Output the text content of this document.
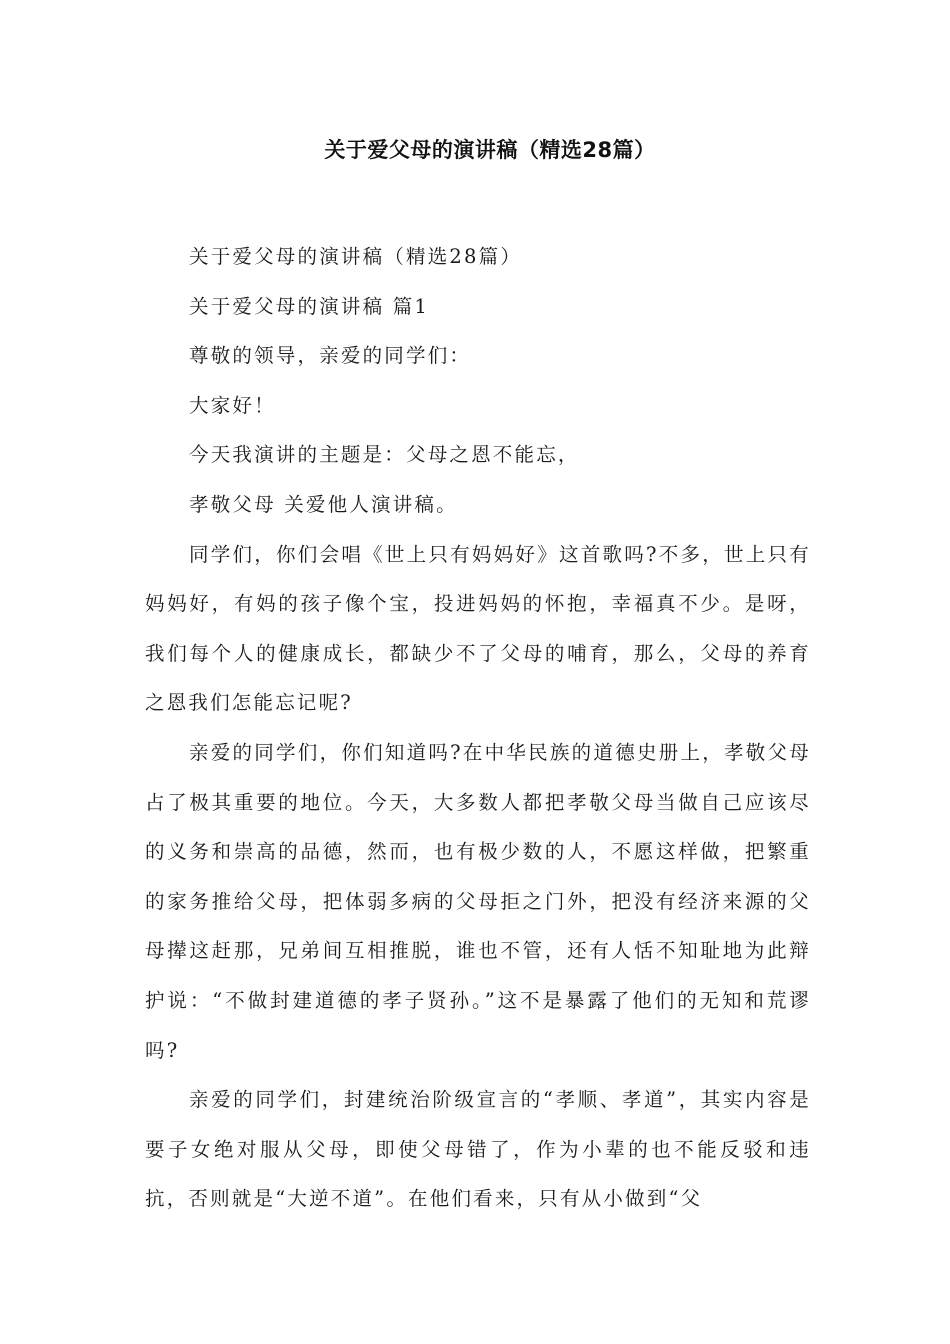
关于爱父母的演讲稿（精选28篇）

关于爱父母的演讲稿（精选28篇）

关于爱父母的演讲稿 篇1

尊敬的领导，亲爱的同学们：

大家好！

今天我演讲的主题是：父母之恩不能忘，

孝敬父母 关爱他人演讲稿。

同学们，你们会唱《世上只有妈妈好》这首歌吗?不多，世上只有妈妈好，有妈的孩子像个宝，投进妈妈的怀抱，幸福真不少。是呀，我们每个人的健康成长，都缺少不了父母的哺育，那么，父母的养育之恩我们怎能忘记呢?

亲爱的同学们，你们知道吗?在中华民族的道德史册上，孝敬父母占了极其重要的地位。今天，大多数人都把孝敬父母当做自己应该尽的义务和崇高的品德，然而，也有极少数的人，不愿这样做，把繁重的家务推给父母，把体弱多病的父母拒之门外，把没有经济来源的父母撵这赶那，兄弟间互相推脱，谁也不管，还有人恬不知耻地为此辩护说：“不做封建道德的孝子贤孙。”这不是暴露了他们的无知和荒谬吗?

亲爱的同学们，封建统治阶级宣言的“孝顺、孝道”，其实内容是要子女绝对服从父母，即使父母错了，作为小辈的也不能反驳和违抗，否则就是“大逆不道”。在他们看来，只有从小做到“父
